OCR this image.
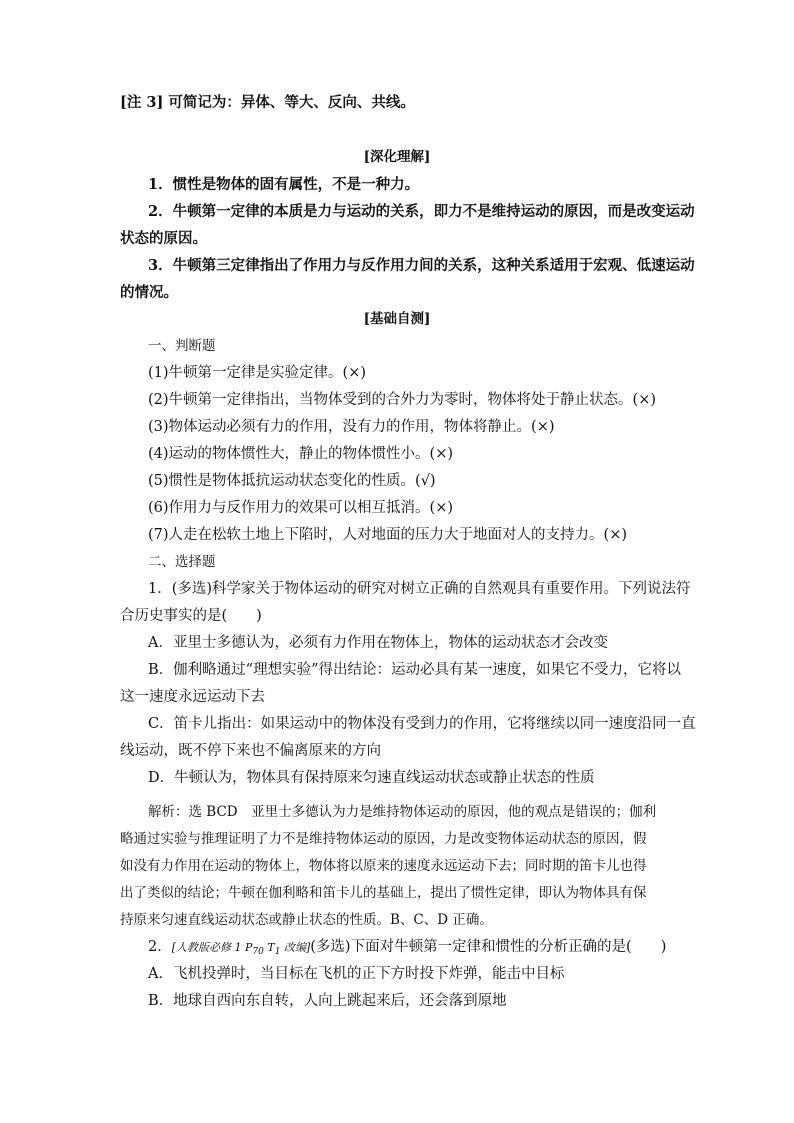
[注 3] 可简记为：异体、等大、反向、共线。
[深化理解]
1．惯性是物体的固有属性，不是一种力。
2．牛顿第一定律的本质是力与运动的关系，即力不是维持运动的原因，而是改变运动
状态的原因。
3．牛顿第三定律指出了作用力与反作用力间的关系，这种关系适用于宏观、低速运动
的情况。
[基础自测]
一、判断题
(1)牛顿第一定律是实验定律。(×)
(2)牛顿第一定律指出，当物体受到的合外力为零时，物体将处于静止状态。(×)
(3)物体运动必须有力的作用，没有力的作用，物体将静止。(×)
(4)运动的物体惯性大，静止的物体惯性小。(×)
(5)惯性是物体抵抗运动状态变化的性质。(√)
(6)作用力与反作用力的效果可以相互抵消。(×)
(7)人走在松软土地上下陷时，人对地面的压力大于地面对人的支持力。(×)
二、选择题
1．(多选)科学家关于物体运动的研究对树立正确的自然观具有重要作用。下列说法符
合历史事实的是(　　)
A．亚里士多德认为，必须有力作用在物体上，物体的运动状态才会改变
B．伽利略通过“理想实验”得出结论：运动必具有某一速度，如果它不受力，它将以
这一速度永远运动下去
C．笛卡儿指出：如果运动中的物体没有受到力的作用，它将继续以同一速度沿同一直
线运动，既不停下来也不偏离原来的方向
D．牛顿认为，物体具有保持原来匀速直线运动状态或静止状态的性质
解析：选 BCD　亚里士多德认为力是维持物体运动的原因，他的观点是错误的；伽利
略通过实验与推理证明了力不是维持物体运动的原因，力是改变物体运动状态的原因，假
如没有力作用在运动的物体上，物体将以原来的速度永远运动下去；同时期的笛卡儿也得
出了类似的结论；牛顿在伽利略和笛卡儿的基础上，提出了惯性定律，即认为物体具有保
持原来匀速直线运动状态或静止状态的性质。B、C、D 正确。
2．[人教版必修 1 $P_{70}$ $T_1$ 改编](多选)下面对牛顿第一定律和惯性的分析正确的是(　　)
A．飞机投弹时，当目标在飞机的正下方时投下炸弹，能击中目标
B．地球自西向东自转，人向上跳起来后，还会落到原地
